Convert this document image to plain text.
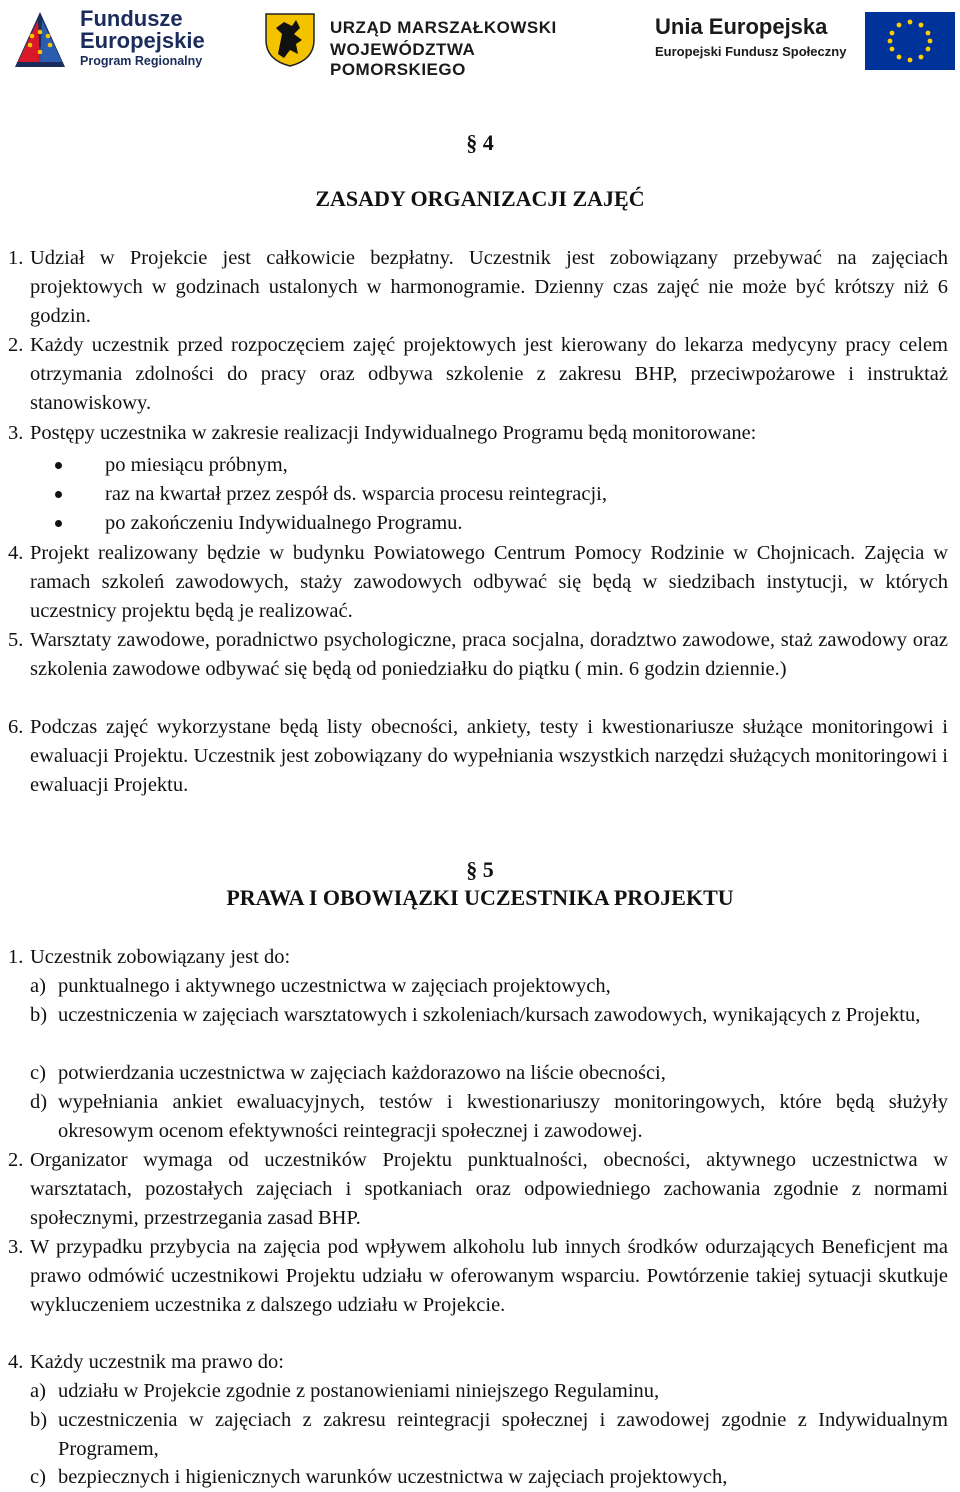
Fundusze
Europejskie
Program Regionalny
URZĄD MARSZAŁKOWSKI
WOJEWÓDZTWA POMORSKIEGO
Unia Europejska
Europejski Fundusz Społeczny
§ 4
ZASADY ORGANIZACJI ZAJĘĆ
1. Udział w Projekcie jest całkowicie bezpłatny. Uczestnik jest zobowiązany przebywać na zajęciach projektowych w godzinach ustalonych w harmonogramie. Dzienny czas zajęć nie może być krótszy niż 6 godzin.
2. Każdy uczestnik przed rozpoczęciem zajęć projektowych jest kierowany do lekarza medycyny pracy celem otrzymania zdolności do pracy oraz odbywa szkolenie z zakresu BHP, przeciwpożarowe i instruktaż stanowiskowy.
3. Postępy uczestnika w zakresie realizacji Indywidualnego Programu będą monitorowane:
po miesiącu próbnym,
raz na kwartał przez zespół ds. wsparcia procesu reintegracji,
po zakończeniu Indywidualnego Programu.
4. Projekt realizowany będzie w budynku Powiatowego Centrum Pomocy Rodzinie w Chojnicach. Zajęcia w ramach szkoleń zawodowych, staży zawodowych odbywać się będą w siedzibach instytucji, w których uczestnicy projektu będą je realizować.
5. Warsztaty zawodowe, poradnictwo psychologiczne, praca socjalna, doradztwo zawodowe, staż zawodowy oraz szkolenia zawodowe odbywać się będą od poniedziałku do piątku ( min. 6 godzin dziennie.)
6. Podczas zajęć wykorzystane będą listy obecności, ankiety, testy i kwestionariusze służące monitoringowi i ewaluacji Projektu. Uczestnik jest zobowiązany do wypełniania wszystkich narzędzi służących monitoringowi i ewaluacji Projektu.
§ 5
PRAWA I OBOWIĄZKI UCZESTNIKA PROJEKTU
1. Uczestnik zobowiązany jest do:
a) punktualnego i aktywnego uczestnictwa w zajęciach projektowych,
b) uczestniczenia w zajęciach warsztatowych i szkoleniach/kursach zawodowych, wynikających z Projektu,
c) potwierdzania uczestnictwa w zajęciach każdorazowo na liście obecności,
d) wypełniania ankiet ewaluacyjnych, testów i kwestionariuszy monitoringowych, które będą służyły okresowym ocenom efektywności reintegracji społecznej i zawodowej.
2. Organizator wymaga od uczestników Projektu punktualności, obecności, aktywnego uczestnictwa w warsztatach, pozostałych zajęciach i spotkaniach oraz odpowiedniego zachowania zgodnie z normami społecznymi, przestrzegania zasad BHP.
3. W przypadku przybycia na zajęcia pod wpływem alkoholu lub innych środków odurzających Beneficjent ma prawo odmówić uczestnikowi Projektu udziału w oferowanym wsparciu. Powtórzenie takiej sytuacji skutkuje wykluczeniem uczestnika z dalszego udziału w Projekcie.
4. Każdy uczestnik ma prawo do:
a) udziału w Projekcie zgodnie z postanowieniami niniejszego Regulaminu,
b) uczestniczenia w zajęciach z zakresu reintegracji społecznej i zawodowej zgodnie z Indywidualnym Programem,
c) bezpiecznych i higienicznych warunków uczestnictwa w zajęciach projektowych,
